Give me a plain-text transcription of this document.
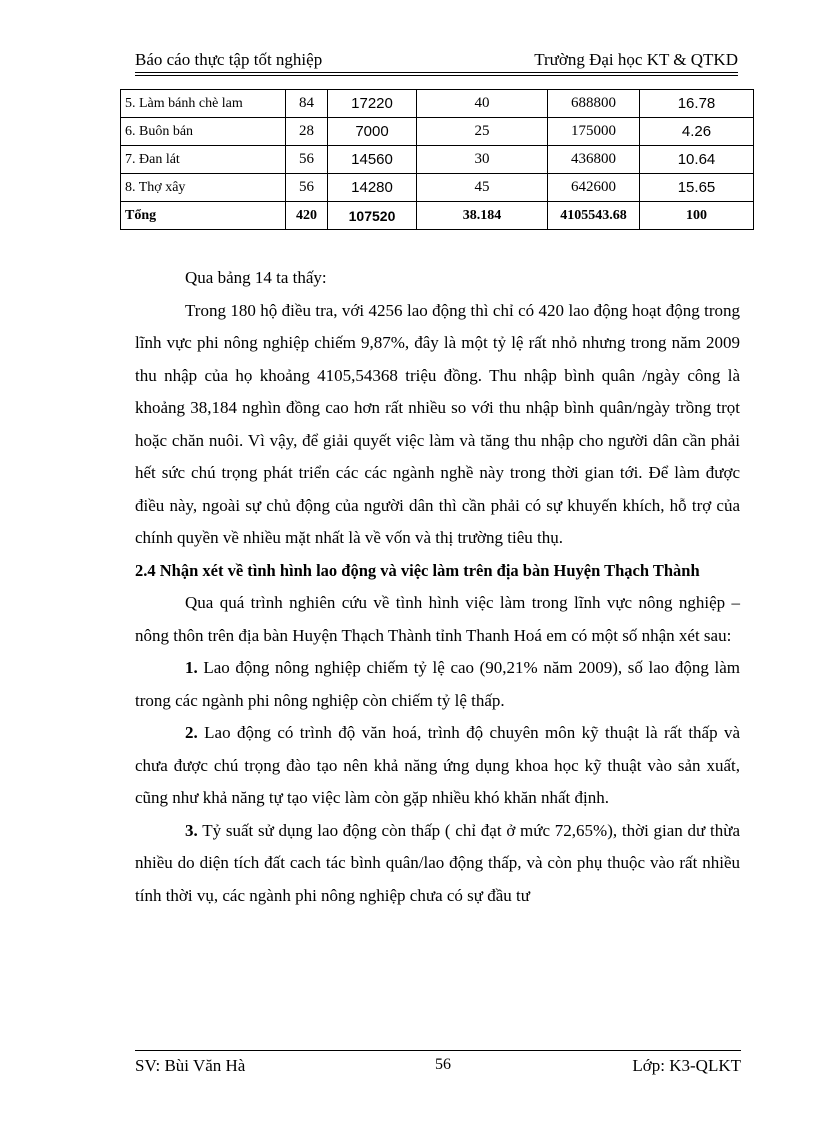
Báo cáo thực tập tốt nghiệp	Trường Đại học KT & QTKD
5. Làm bánh chè lam	84	17220	40	688800	16.78
6. Buôn bán	28	7000	25	175000	4.26
7. Đan lát	56	14560	30	436800	10.64
8. Thợ xây	56	14280	45	642600	15.65
Tổng	420	107520	38.184	4105543.68	100

Qua bảng 14 ta thấy:

Trong 180 hộ điều tra, với 4256 lao động thì chỉ có 420 lao động hoạt động trong lĩnh vực phi nông nghiệp chiếm 9,87%, đây là một tỷ lệ rất nhỏ nhưng trong năm 2009 thu nhập của họ khoảng 4105,54368 triệu đồng. Thu nhập bình quân /ngày công là khoảng 38,184 nghìn đồng cao hơn rất nhiều so với thu nhập bình quân/ngày trồng trọt hoặc chăn nuôi. Vì vậy, để giải quyết việc làm và tăng thu nhập cho người dân cần phải hết sức chú trọng phát triển các các ngành nghề này trong thời gian tới. Để làm được điều này, ngoài sự chủ động của người dân thì cần phải có sự khuyến khích, hỗ trợ của chính quyền về nhiều mặt nhất là về vốn và thị trường tiêu thụ.

2.4 Nhận xét về tình hình lao động và việc làm trên địa bàn Huyện Thạch Thành

Qua quá trình nghiên cứu về tình hình việc làm trong lĩnh vực nông nghiệp – nông thôn trên địa bàn Huyện Thạch Thành tỉnh Thanh Hoá em có một số nhận xét sau:

1. Lao động nông nghiệp chiếm tỷ lệ cao (90,21% năm 2009), số lao động làm trong các ngành phi nông nghiệp còn chiếm tỷ lệ thấp.

2. Lao động có trình độ văn hoá, trình độ chuyên môn kỹ thuật là rất thấp và chưa được chú trọng đào tạo nên khả năng ứng dụng khoa học kỹ thuật vào sản xuất, cũng như khả năng tự tạo việc làm còn gặp nhiều khó khăn nhất định.

3. Tỷ suất sử dụng lao động còn thấp ( chỉ đạt ở mức 72,65%), thời gian dư thừa nhiều do diện tích đất cach tác bình quân/lao động thấp, và còn phụ thuộc vào rất nhiều tính thời vụ, các ngành phi nông nghiệp chưa có sự đầu tư

SV: Bùi Văn Hà	56	Lớp: K3-QLKT
